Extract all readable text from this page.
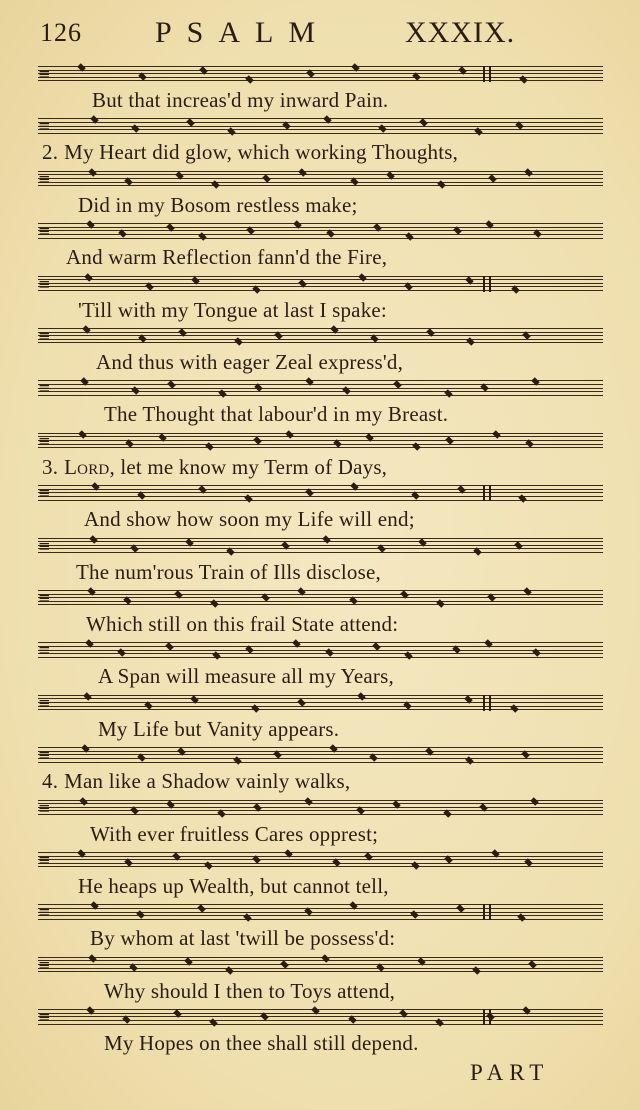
126 PSALM XXXIX.
≡
But that increas'd my inward Pain.
≡
2. My Heart did glow, which working Thoughts,
≡
Did in my Bosom restless make;
≡
And warm Reflection fann'd the Fire,
≡
'Till with my Tongue at last I spake:
≡
And thus with eager Zeal express'd,
≡
The Thought that labour'd in my Breast.
≡
3. Lord, let me know my Term of Days,
≡
And show how soon my Life will end;
≡
The num'rous Train of Ills disclose,
≡
Which still on this frail State attend:
≡
A Span will measure all my Years,
≡
My Life but Vanity appears.
≡
4. Man like a Shadow vainly walks,
≡
With ever fruitless Cares opprest;
≡
He heaps up Wealth, but cannot tell,
≡
By whom at last 'twill be possess'd:
≡
Why should I then to Toys attend,
≡
My Hopes on thee shall still depend.
PART
